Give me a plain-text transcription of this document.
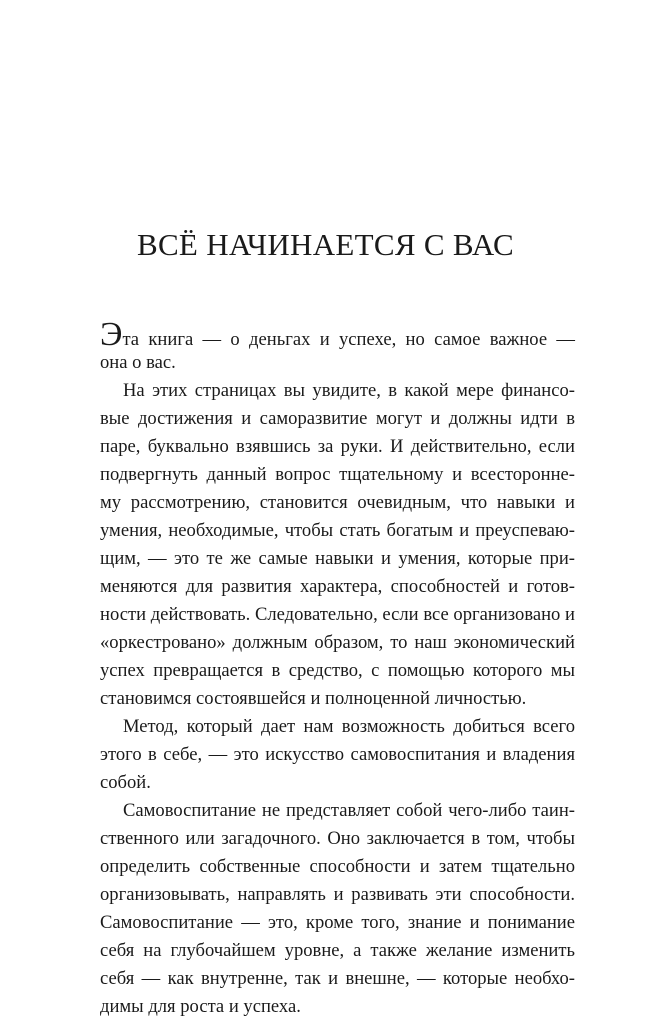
ВСЁ НАЧИНАЕТСЯ С ВАС
Эта книга — о деньгах и успехе, но самое важное —
она о вас.
На этих страницах вы увидите, в какой мере финансо-
вые достижения и саморазвитие могут и должны идти в
паре, буквально взявшись за руки. И действительно, если
подвергнуть данный вопрос тщательному и всесторонне-
му рассмотрению, становится очевидным, что навыки и
умения, необходимые, чтобы стать богатым и преуспеваю-
щим, — это те же самые навыки и умения, которые при-
меняются для развития характера, способностей и готов-
ности действовать. Следовательно, если все организовано и
«оркестровано» должным образом, то наш экономический
успех превращается в средство, с помощью которого мы
становимся состоявшейся и полноценной личностью.
Метод, который дает нам возможность добиться всего
этого в себе, — это искусство самовоспитания и владения
собой.
Самовоспитание не представляет собой чего-либо таин-
ственного или загадочного. Оно заключается в том, чтобы
определить собственные способности и затем тщательно
организовывать, направлять и развивать эти способности.
Самовоспитание — это, кроме того, знание и понимание
себя на глубочайшем уровне, а также желание изменить
себя — как внутренне, так и внешне, — которые необхо-
димы для роста и успеха.
